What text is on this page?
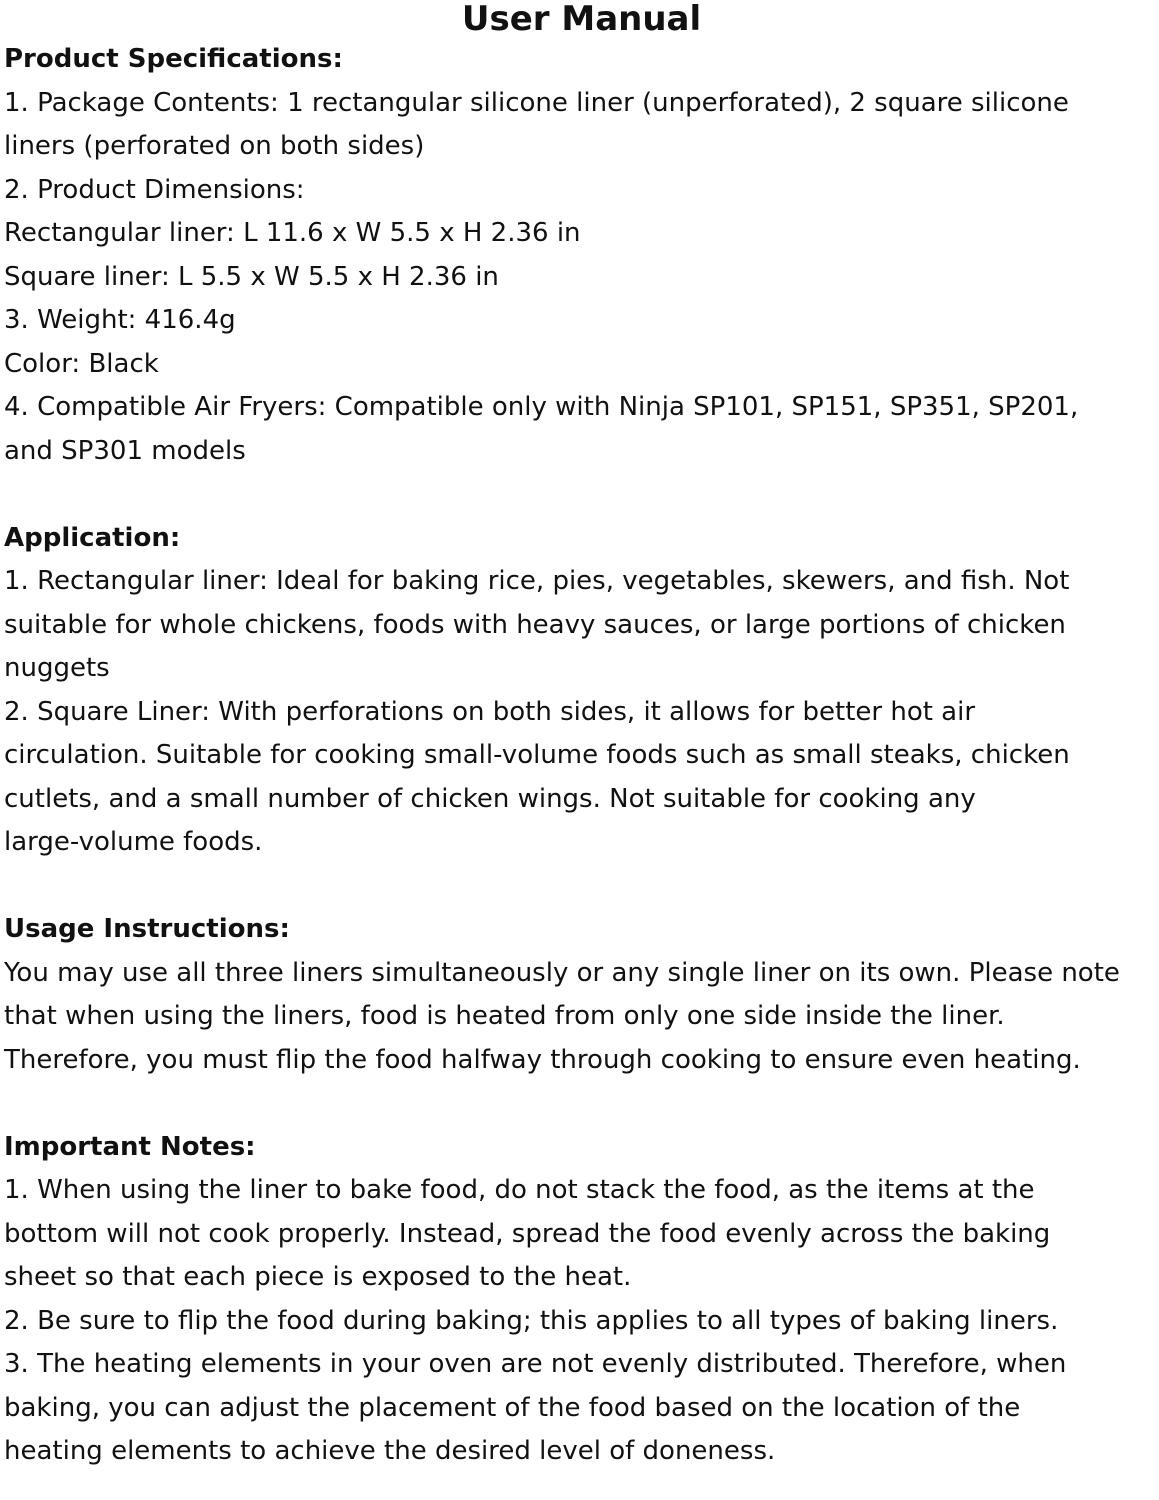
User Manual
Product Specifications:
1. Package Contents: 1 rectangular silicone liner (unperforated), 2 square silicone
liners (perforated on both sides)
2. Product Dimensions:
Rectangular liner: L 11.6 x W 5.5 x H 2.36 in
Square liner: L 5.5 x W 5.5 x H 2.36 in
3. Weight: 416.4g
Color: Black
4. Compatible Air Fryers: Compatible only with Ninja SP101, SP151, SP351, SP201,
and SP301 models
Application:
1. Rectangular liner: Ideal for baking rice, pies, vegetables, skewers, and fish. Not
suitable for whole chickens, foods with heavy sauces, or large portions of chicken
nuggets
2. Square Liner: With perforations on both sides, it allows for better hot air
circulation. Suitable for cooking small-volume foods such as small steaks, chicken
cutlets, and a small number of chicken wings. Not suitable for cooking any
large-volume foods.
Usage Instructions:
You may use all three liners simultaneously or any single liner on its own. Please note
that when using the liners, food is heated from only one side inside the liner.
Therefore, you must flip the food halfway through cooking to ensure even heating.
Important Notes:
1. When using the liner to bake food, do not stack the food, as the items at the
bottom will not cook properly. Instead, spread the food evenly across the baking
sheet so that each piece is exposed to the heat.
2. Be sure to flip the food during baking; this applies to all types of baking liners.
3. The heating elements in your oven are not evenly distributed. Therefore, when
baking, you can adjust the placement of the food based on the location of the
heating elements to achieve the desired level of doneness.
